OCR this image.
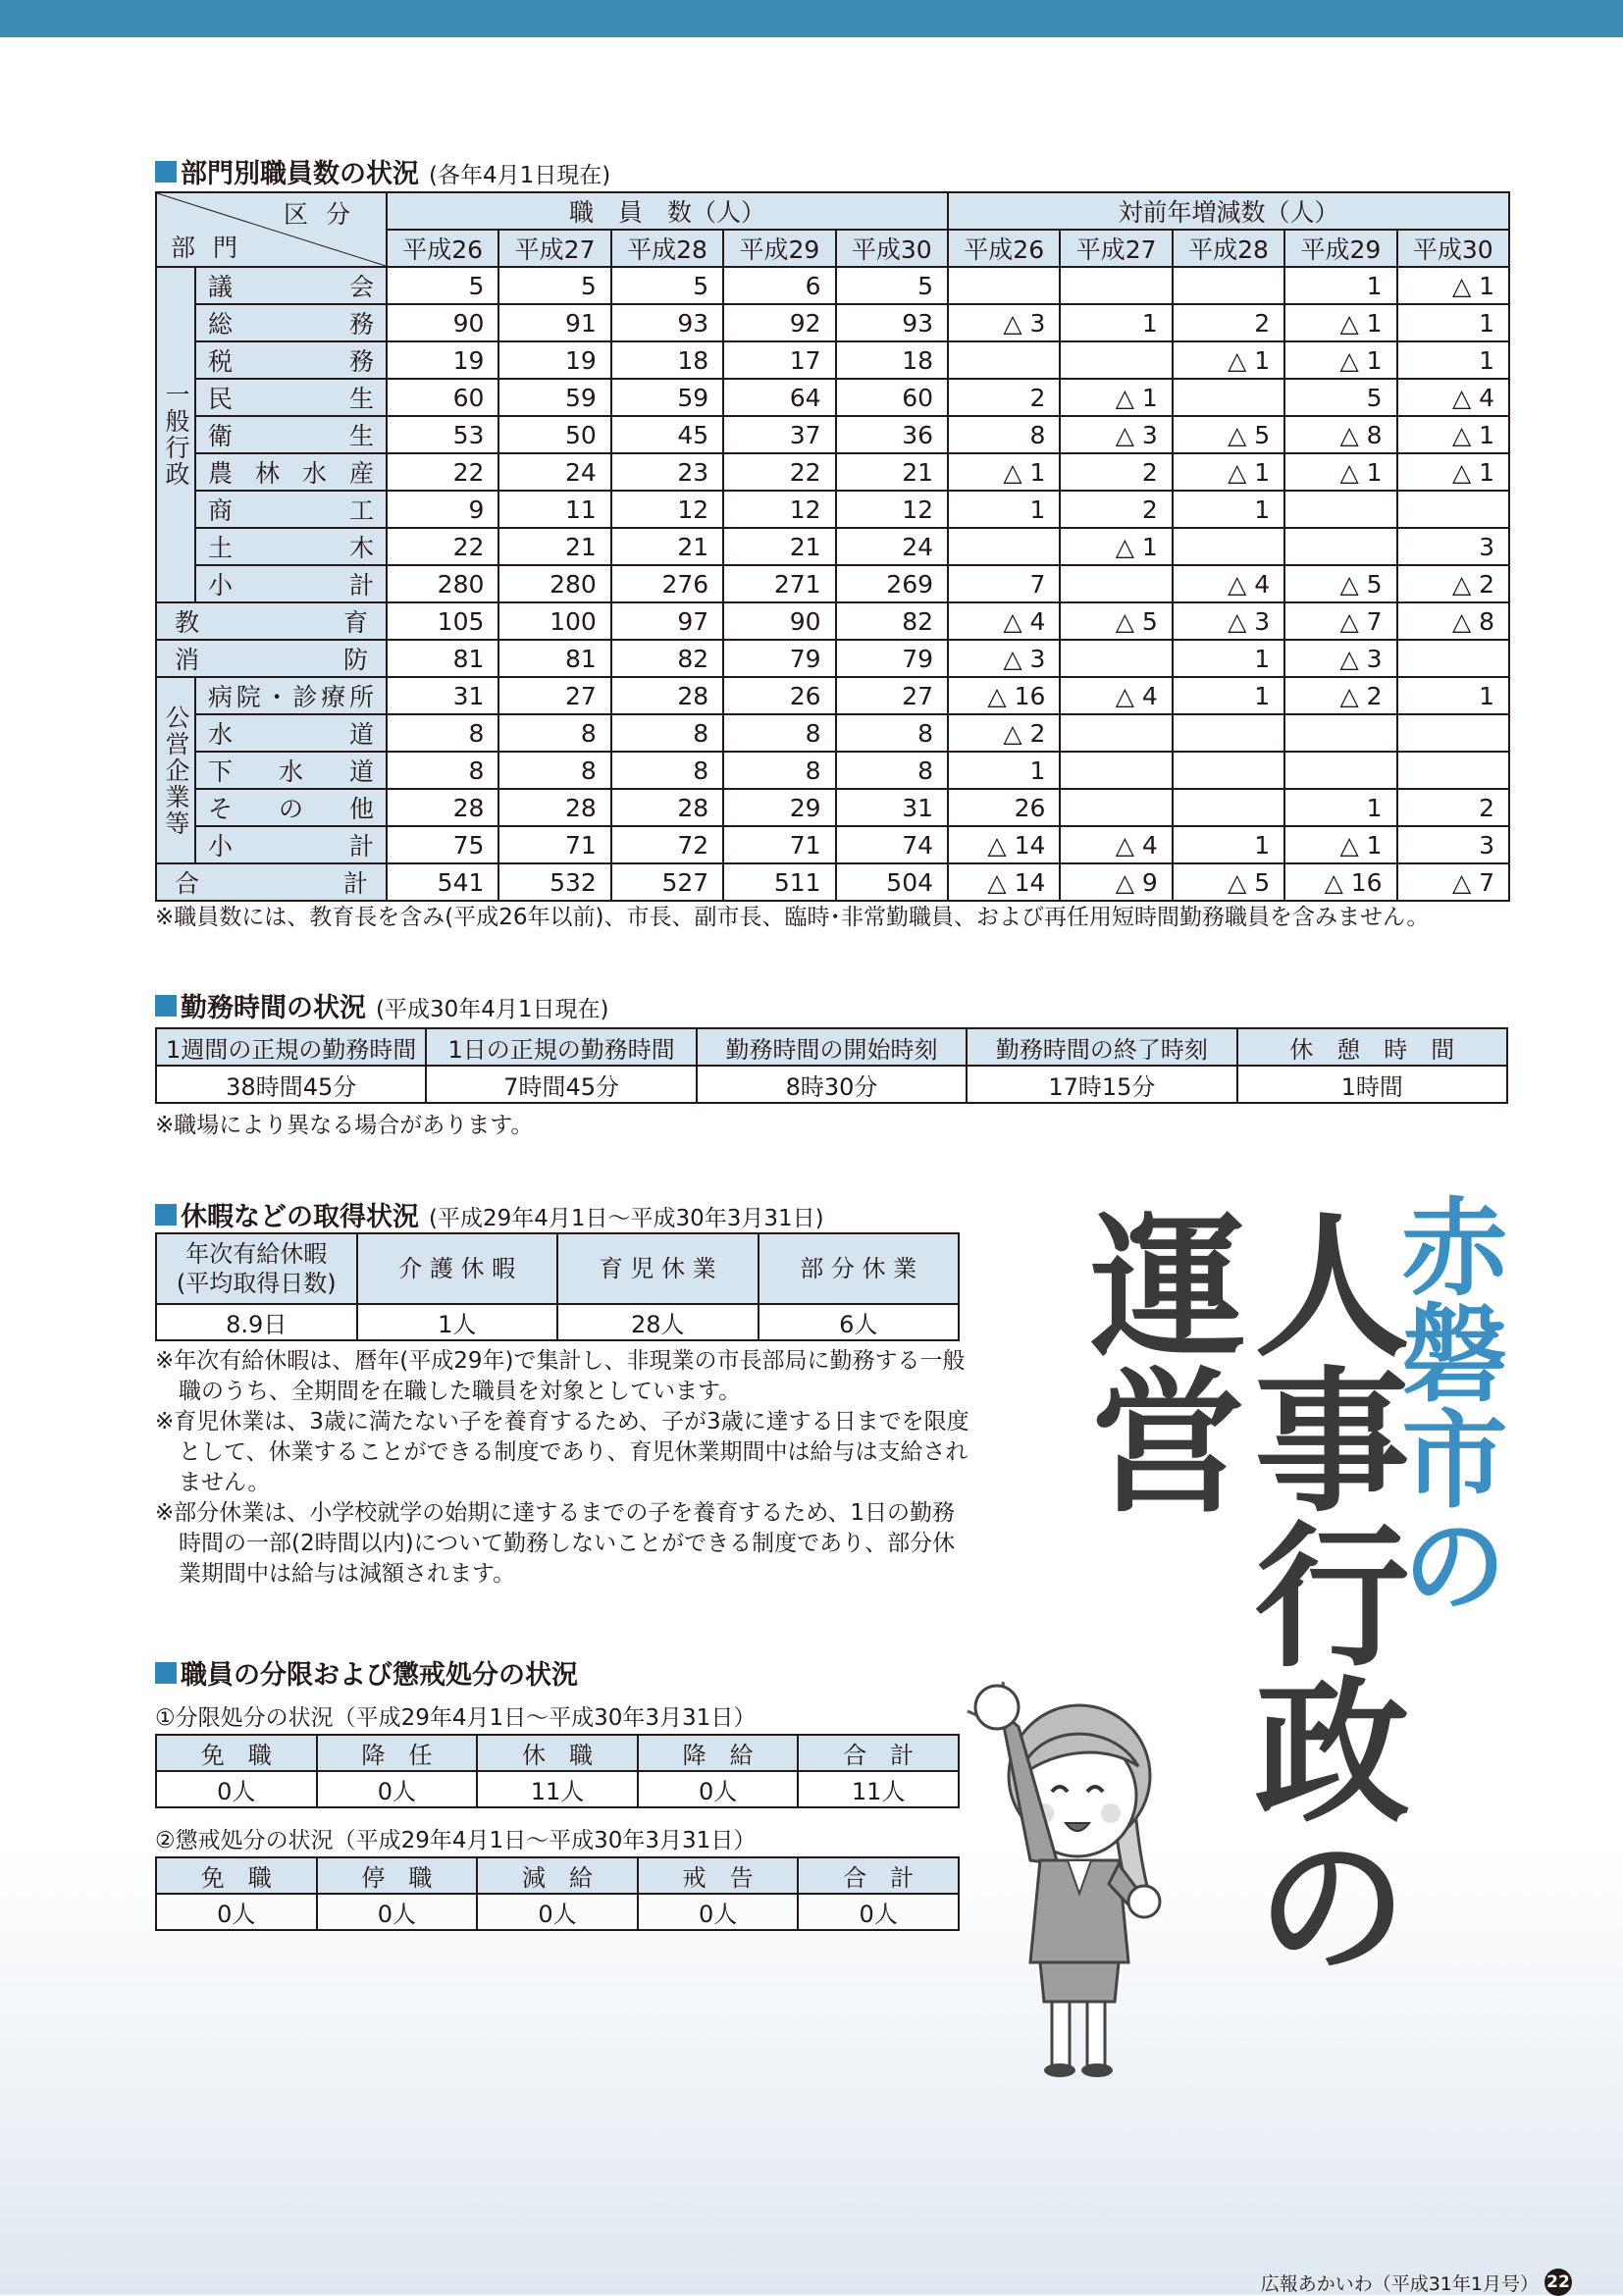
部門別職員数の状況 (各年4月1日現在)
区分
部門		職　員　数（人）					対前年増減数（人）				
		平成26	平成27	平成28	平成29	平成30	平成26	平成27	平成28	平成29	平成30
一般行政	議会	5	5	5	6	5				1	△ 1
	総務	90	91	93	92	93	△ 3	1	2	△ 1	1
	税務	19	19	18	17	18			△ 1	△ 1	1
	民生	60	59	59	64	60	2	△ 1		5	△ 4
	衛生	53	50	45	37	36	8	△ 3	△ 5	△ 8	△ 1
	農林水産	22	24	23	22	21	△ 1	2	△ 1	△ 1	△ 1
	商工	9	11	12	12	12	1	2	1		
	土木	22	21	21	21	24		△ 1			3
	小計	280	280	276	271	269	7		△ 4	△ 5	△ 2
教育		105	100	97	90	82	△ 4	△ 5	△ 3	△ 7	△ 8
消防		81	81	82	79	79	△ 3		1	△ 3	
公営企業等	病院・診療所	31	27	28	26	27	△ 16	△ 4	1	△ 2	1
	水道	8	8	8	8	8	△ 2				
	下水道	8	8	8	8	8	1				
	その他	28	28	28	29	31	26			1	2
	小計	75	71	72	71	74	△ 14	△ 4	1	△ 1	3
合計		541	532	527	511	504	△ 14	△ 9	△ 5	△ 16	△ 7
※職員数には、教育長を含み(平成26年以前)、市長、副市長、臨時･非常勤職員、および再任用短時間勤務職員を含みません。
勤務時間の状況 (平成30年4月1日現在)
1週間の正規の勤務時間	1日の正規の勤務時間	勤務時間の開始時刻	勤務時間の終了時刻	休　憩　時　間
38時間45分	7時間45分	8時30分	17時15分	1時間
※職場により異なる場合があります。
休暇などの取得状況 (平成29年4月1日～平成30年3月31日)
年次有給休暇
(平均取得日数)	介 護 休 暇	育 児 休 業	部 分 休 業
8.9日	1人	28人	6人

※年次有給休暇は、暦年(平成29年)で集計し、非現業の市長部局に勤務する一般職のうち、全期間を在職した職員を対象としています。

※育児休業は、3歳に満たない子を養育するため、子が3歳に達する日までを限度として、休業することができる制度であり、育児休業期間中は給与は支給されません。

※部分休業は、小学校就学の始期に達するまでの子を養育するため、1日の勤務時間の一部(2時間以内)について勤務しないことができる制度であり、部分休業期間中は給与は減額されます。

職員の分限および懲戒処分の状況
①分限処分の状況（平成29年4月1日～平成30年3月31日）
免　職	降　任	休　職	降　給	合　計
0人	0人	11人	0人	11人
②懲戒処分の状況（平成29年4月1日～平成30年3月31日）
免　職	停　職	減　給	戒　告	合　計
0人	0人	0人	0人	0人
赤磐市の
人事行政の
運営
広報あかいわ（平成31年1月号） 22
